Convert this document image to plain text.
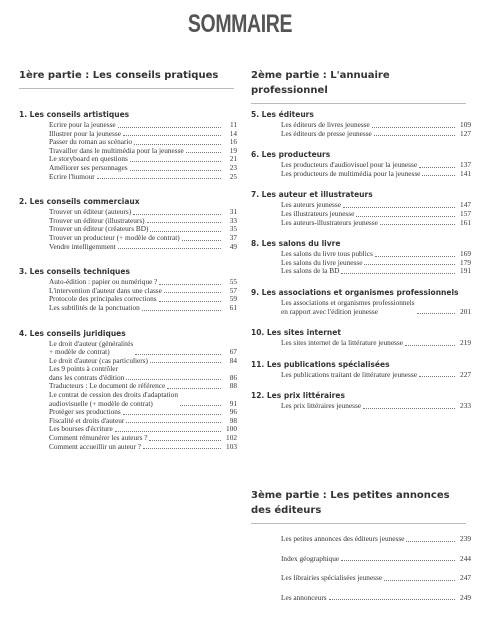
SOMMAIRE
1ère partie : Les conseils pratiques	2ème partie : L'annuaire professionnel
3ème partie : Les petites annonces des éditeurs
1. Les conseils artistiques
Ecrire pour la jeunesse	11
Illustrer pour la jeunesse	14
Passer du roman au scénario	16
Travailler dans le multimédia pour la jeunesse	19
Le storyboard en questions	21
Améliorer ses personnages	23
Ecrire l'humour	25
2. Les conseils commerciaux
Trouver un éditeur (auteurs)	31
Trouver un éditeur (illustrateurs)	33
Trouver un éditeur (créateurs BD)	35
Trouver un producteur (+ modèle de contrat)	37
Vendre intelligemment	49
3. Les conseils techniques
Auto-édition : papier ou numérique ?	55
L'intervention d'auteur dans une classe	57
Protocole des principales corrections	59
Les subtilités de la ponctuation	61
4. Les conseils juridiques
Le droit d'auteur (généralités
+ modèle de contrat)	67
Le droit d'auteur (cas particuliers)	84
Les 9 points à contrôler
dans les contrats d'édition	86
Traducteurs : Le document de référence	88
Le contrat de cession des droits d'adaptation
audiovisuelle (+ modèle de contrat)	91
Protéger ses productions	96
Fiscalité et droits d'auteur	98
Les bourses d'écriture	100
Comment rémunérer les auteurs ?	102
Comment accueillir un auteur ?	103
5. Les éditeurs
Les éditeurs de livres jeunesse	109
Les éditeurs de presse jeunesse	127
6. Les producteurs
Les producteurs d'audiovisuel pour la jeunesse	137
Les producteurs de multimédia pour la jeunesse	141
7. Les auteur et illustrateurs
Les auteurs jeunesse	147
Les illustrateurs jeunesse	157
Les auteurs-illustrateurs jeunesse	161
8. Les salons du livre
Les salons du livre tous publics	169
Les salons du livre jeunesse	179
Les salons de la BD	191
9. Les associations et organismes professionnels
Les associations et organismes professionnels
en rapport avec l'édition jeunesse	201
10. Les sites internet
Les sites internet de la littérature jeunesse	219
11. Les publications spécialisées
Les publications traitant de littérature jeunesse	227
12. Les prix littéraires
Les prix littéraires jeunesse	233
Les petites annonces des éditeurs jeunesse	239
Index géographique	244
Les librairies spécialisées jeunesse	247
Les annonceurs	249
